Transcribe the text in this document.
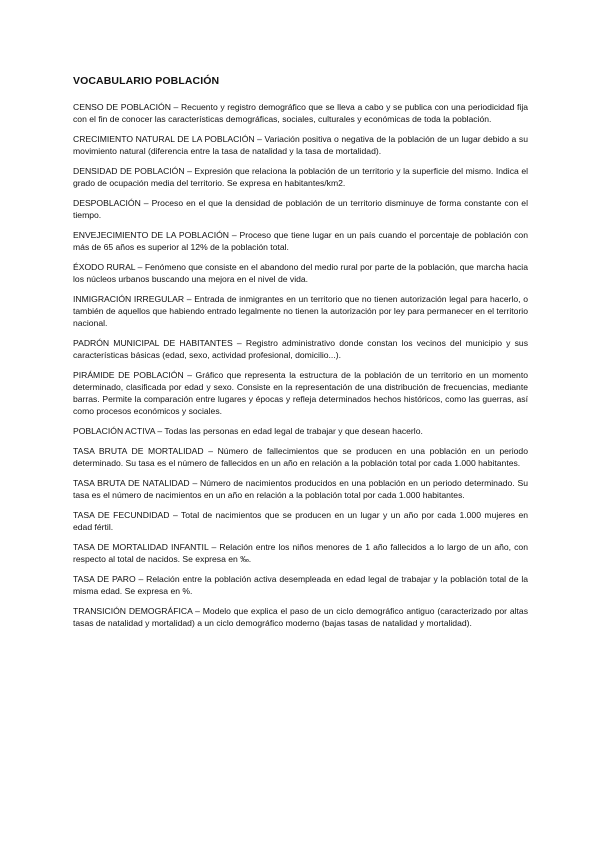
VOCABULARIO POBLACIÓN
CENSO DE POBLACIÓN – Recuento y registro demográfico que se lleva a cabo y se publica con una periodicidad fija con el fin de conocer las características demográficas, sociales, culturales y económicas de toda la población.
CRECIMIENTO NATURAL DE LA POBLACIÓN – Variación positiva o negativa de la población de un lugar debido a su movimiento natural (diferencia entre la tasa de natalidad y la tasa de mortalidad).
DENSIDAD DE POBLACIÓN – Expresión que relaciona la población de un territorio y la superficie del mismo. Indica el grado de ocupación media del territorio. Se expresa en habitantes/km2.
DESPOBLACIÓN – Proceso en el que la densidad de población de un territorio disminuye de forma constante con el tiempo.
ENVEJECIMIENTO DE LA POBLACIÓN – Proceso que tiene lugar en un país cuando el porcentaje de población con más de 65 años es superior al 12% de la población total.
ÉXODO RURAL – Fenómeno que consiste en el abandono del medio rural por parte de la población, que marcha hacia los núcleos urbanos buscando una mejora en el nivel de vida.
INMIGRACIÓN IRREGULAR – Entrada de inmigrantes en un territorio que no tienen autorización legal para hacerlo, o también de aquellos que habiendo entrado legalmente no tienen la autorización por ley para permanecer en el territorio nacional.
PADRÓN MUNICIPAL DE HABITANTES – Registro administrativo donde constan los vecinos del municipio y sus características básicas (edad, sexo, actividad profesional, domicilio...).
PIRÁMIDE DE POBLACIÓN – Gráfico que representa la estructura de la población de un territorio en un momento determinado, clasificada por edad y sexo. Consiste en la representación de una distribución de frecuencias, mediante barras. Permite la comparación entre lugares y épocas y refleja determinados hechos históricos, como las guerras, así como procesos económicos y sociales.
POBLACIÓN ACTIVA – Todas las personas en edad legal de trabajar y que desean hacerlo.
TASA BRUTA DE MORTALIDAD – Número de fallecimientos que se producen en una población en un periodo determinado. Su tasa es el número de fallecidos en un año en relación a la población total por cada 1.000 habitantes.
TASA BRUTA DE NATALIDAD – Número de nacimientos producidos en una población en un periodo determinado. Su tasa es el número de nacimientos en un año en relación a la población total por cada 1.000 habitantes.
TASA DE FECUNDIDAD – Total de nacimientos que se producen en un lugar y un año por cada 1.000 mujeres en edad fértil.
TASA DE MORTALIDAD INFANTIL – Relación entre los niños menores de 1 año fallecidos a lo largo de un año, con respecto al total de nacidos. Se expresa en ‰.
TASA DE PARO – Relación entre la población activa desempleada en edad legal de trabajar y la población total de la misma edad. Se expresa en %.
TRANSICIÓN DEMOGRÁFICA – Modelo que explica el paso de un ciclo demográfico antiguo (caracterizado por altas tasas de natalidad y mortalidad) a un ciclo demográfico moderno (bajas tasas de natalidad y mortalidad).
